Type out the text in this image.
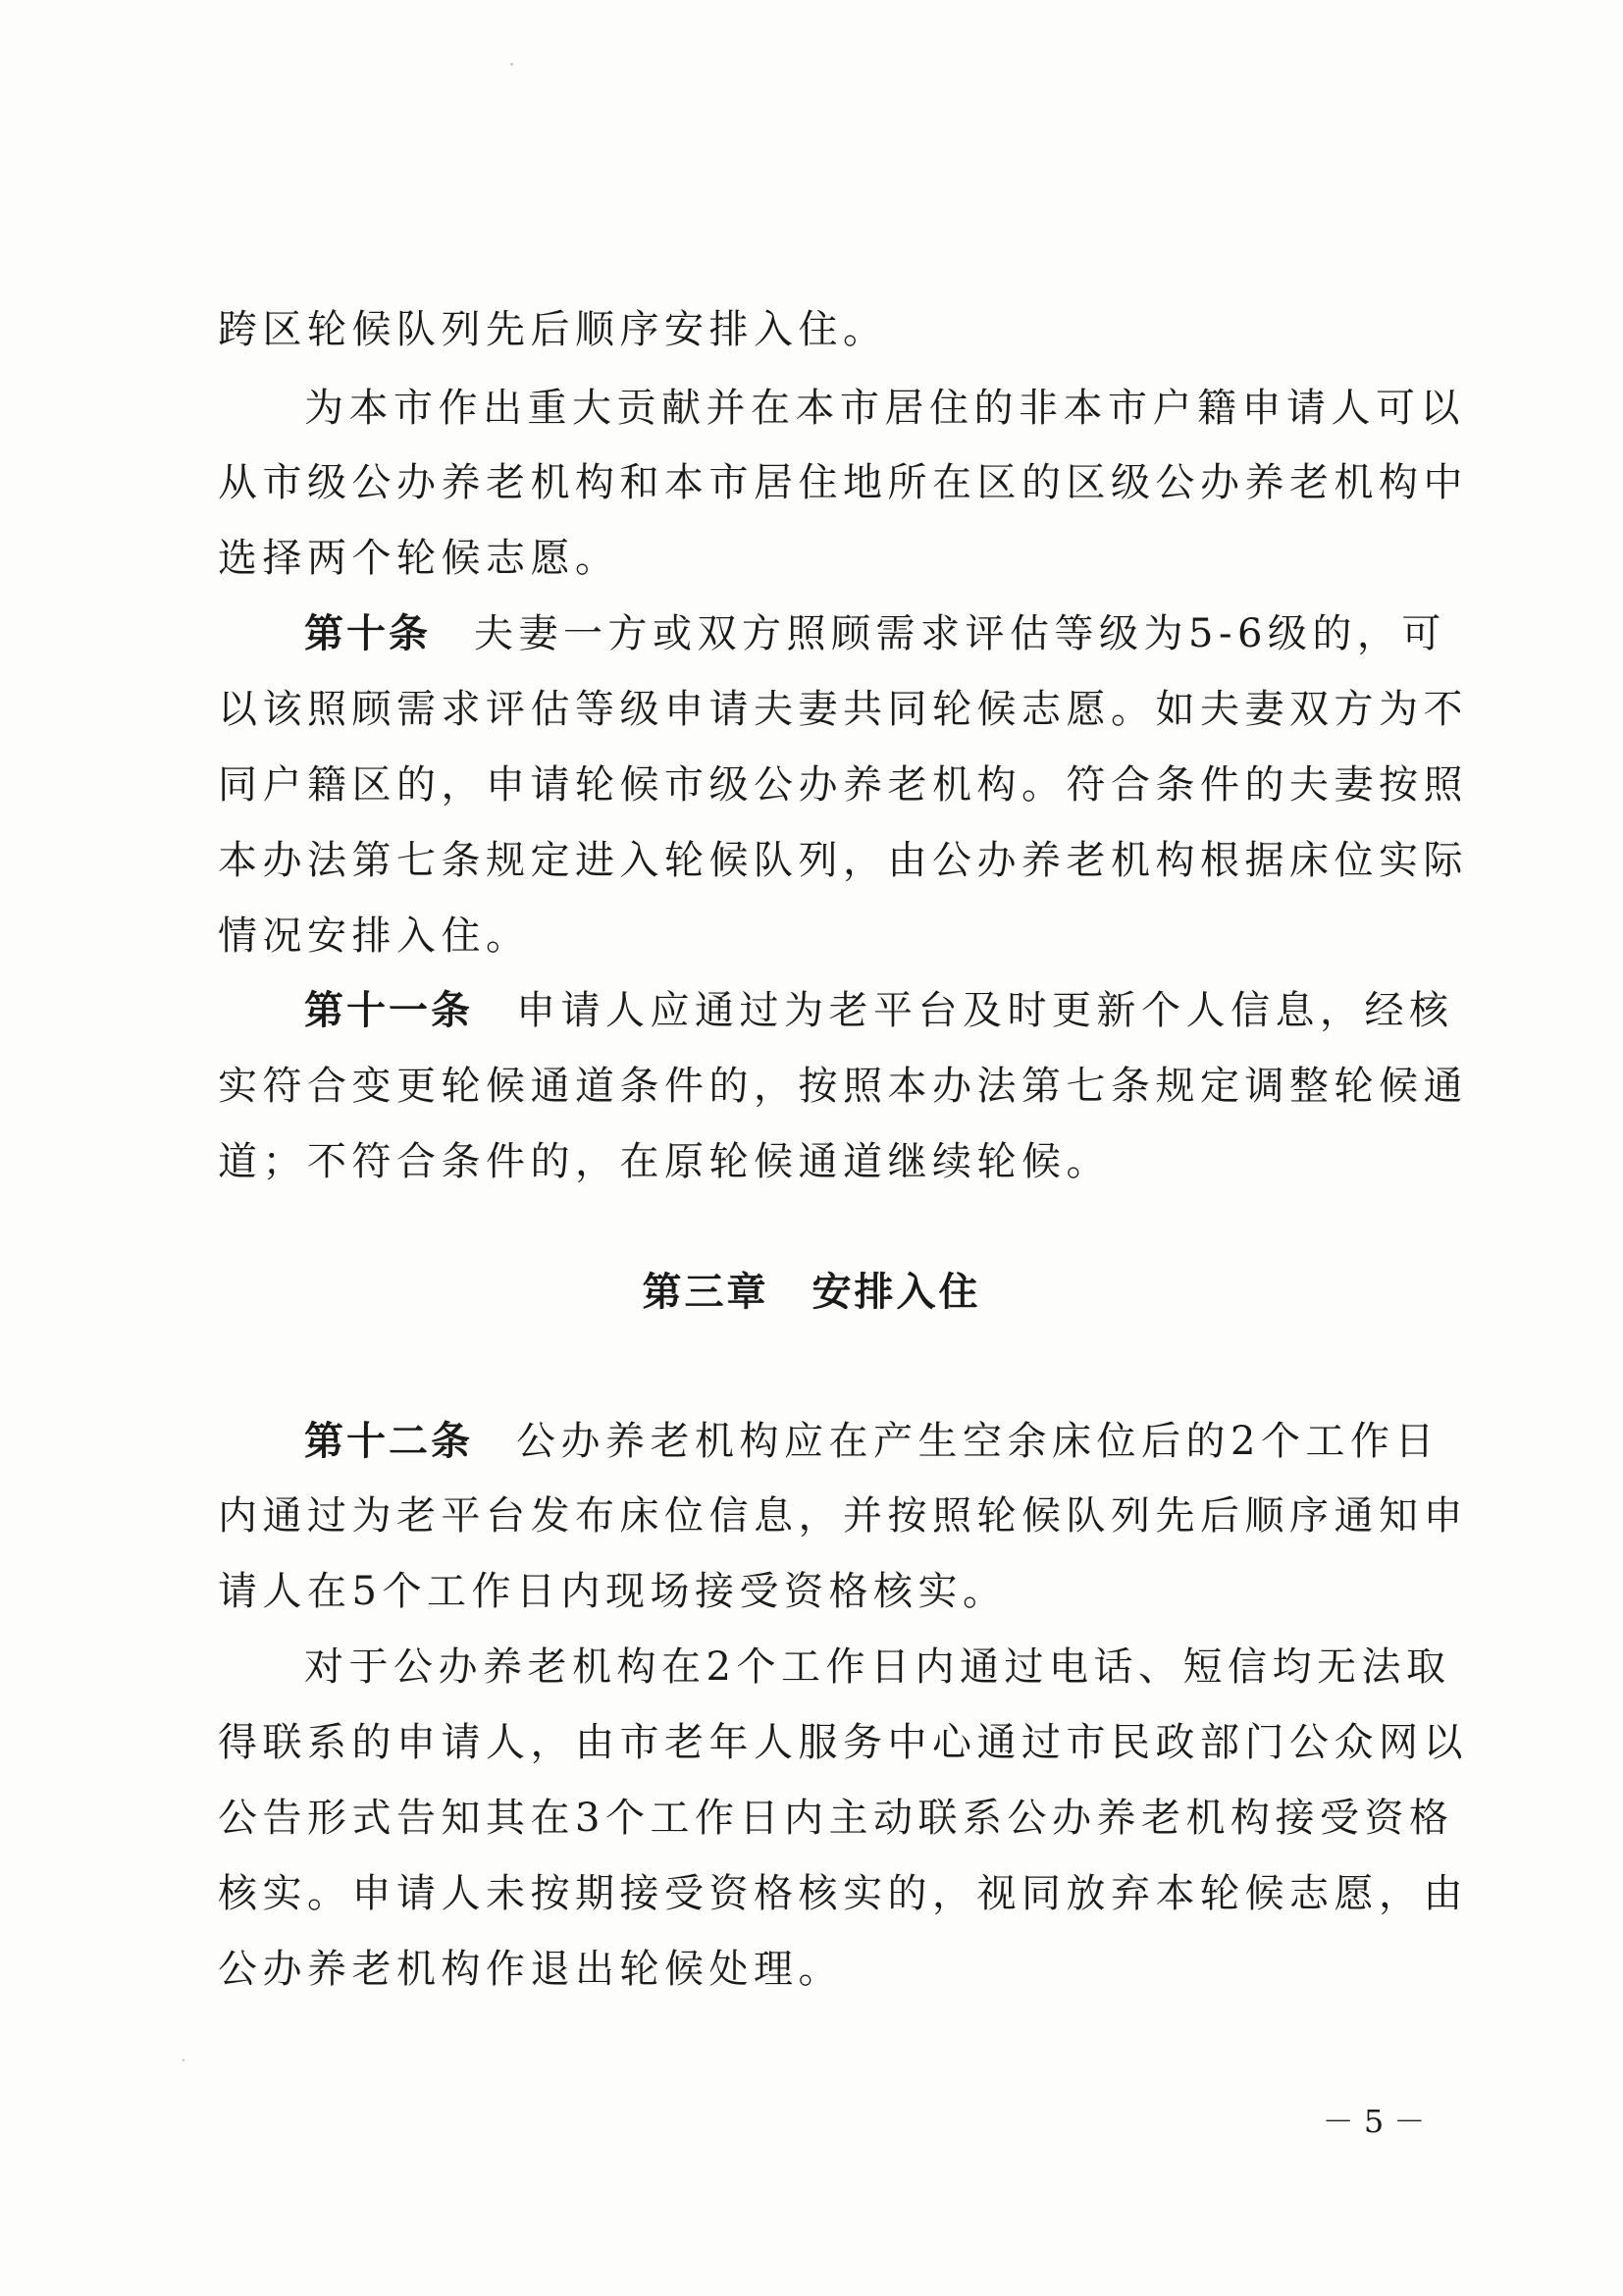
跨区轮候队列先后顺序安排入住。
为本市作出重大贡献并在本市居住的非本市户籍申请人可以
从市级公办养老机构和本市居住地所在区的区级公办养老机构中
选择两个轮候志愿。
第十条 夫妻一方或双方照顾需求评估等级为5-6级的，可
以该照顾需求评估等级申请夫妻共同轮候志愿。如夫妻双方为不
同户籍区的，申请轮候市级公办养老机构。符合条件的夫妻按照
本办法第七条规定进入轮候队列，由公办养老机构根据床位实际
情况安排入住。
第十一条 申请人应通过为老平台及时更新个人信息，经核
实符合变更轮候通道条件的，按照本办法第七条规定调整轮候通
道；不符合条件的，在原轮候通道继续轮候。
第三章 安排入住
第十二条 公办养老机构应在产生空余床位后的2个工作日
内通过为老平台发布床位信息，并按照轮候队列先后顺序通知申
请人在5个工作日内现场接受资格核实。
对于公办养老机构在2个工作日内通过电话、短信均无法取
得联系的申请人，由市老年人服务中心通过市民政部门公众网以
公告形式告知其在3个工作日内主动联系公办养老机构接受资格
核实。申请人未按期接受资格核实的，视同放弃本轮候志愿，由
公办养老机构作退出轮候处理。
－ 5 －
